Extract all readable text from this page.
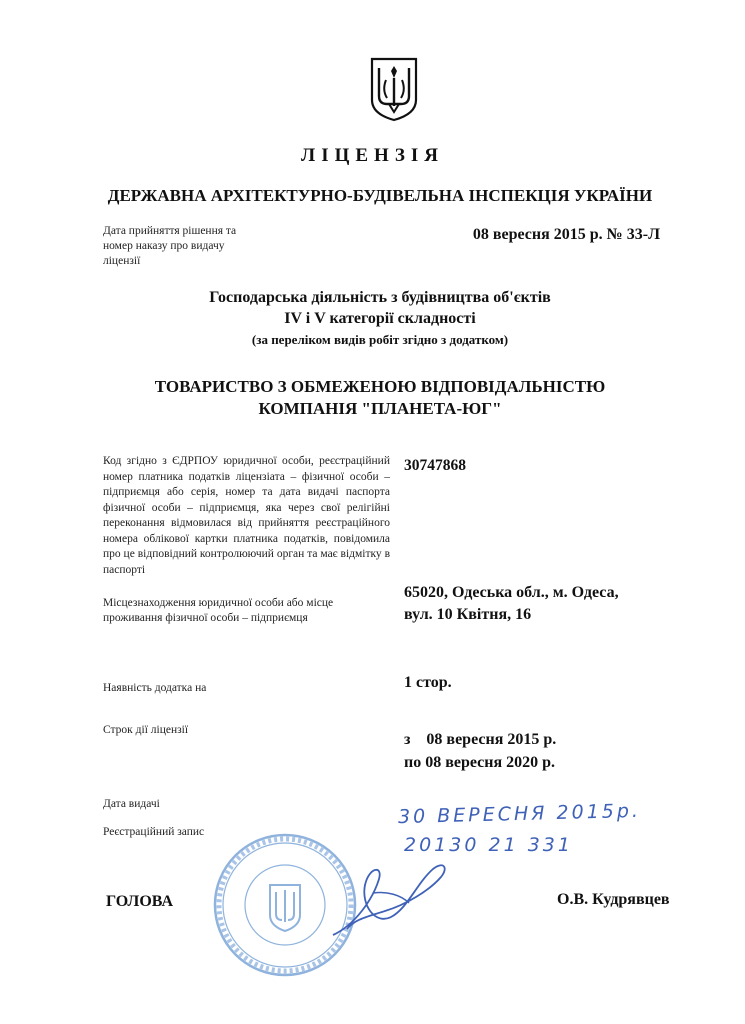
ЛІЦЕНЗІЯ
ДЕРЖАВНА АРХІТЕКТУРНО-БУДІВЕЛЬНА ІНСПЕКЦІЯ УКРАЇНИ
Дата прийняття рішення та номер наказу про видачу ліцензії
08 вересня 2015 р. № 33-Л
Господарська діяльність з будівництва об'єктів
IV і V категорії складності
(за переліком видів робіт згідно з додатком)
ТОВАРИСТВО З ОБМЕЖЕНОЮ ВІДПОВІДАЛЬНІСТЮ
КОМПАНІЯ "ПЛАНЕТА-ЮГ"
Код згідно з ЄДРПОУ юридичної особи, реєстраційний номер платника податків ліцензіата – фізичної особи – підприємця або серія, номер та дата видачі паспорта фізичної особи – підприємця, яка через свої релігійні переконання відмовилася від прийняття реєстраційного номера облікової картки платника податків, повідомила про це відповідний контролюючий орган та має відмітку в паспорті
30747868
Місцезнаходження юридичної особи або місце проживання фізичної особи – підприємця
65020, Одеська обл., м. Одеса,
вул. 10 Квітня, 16
Наявність додатка на	1 стор.
Строк дії ліцензії
з    08 вересня 2015 р.
по 08 вересня 2020 р.
Дата видачі
Реєстраційний запис
30 ВЕРЕСНЯ 2015р.
20130 21 331
ГОЛОВА	О.В. Кудрявцев
